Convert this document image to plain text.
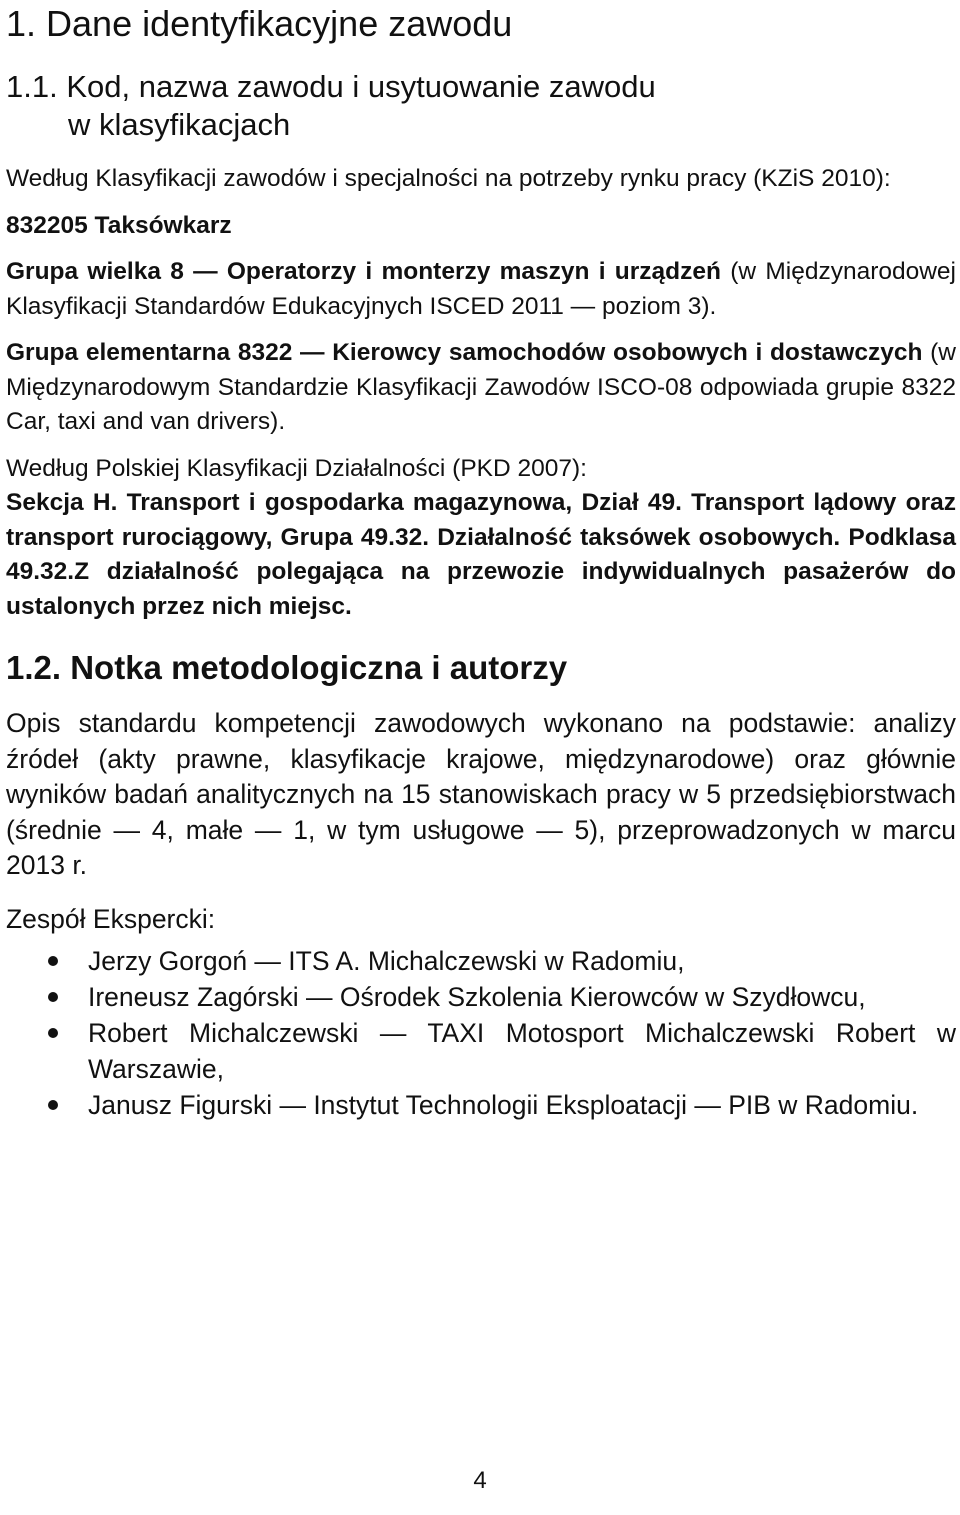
1. Dane identyfikacyjne zawodu
1.1. Kod, nazwa zawodu i usytuowanie zawodu
w klasyfikacjach

Według Klasyfikacji zawodów i specjalności na potrzeby rynku pracy (KZiS 2010):

832205 Taksówkarz

Grupa wielka 8 — Operatorzy i monterzy maszyn i urządzeń (w Międzynarodowej Klasyfikacji Standardów Edukacyjnych ISCED 2011 — poziom 3).

Grupa elementarna 8322 — Kierowcy samochodów osobowych i dostawczych (w Międzynarodowym Standardzie Klasyfikacji Zawodów ISCO-08 odpowiada grupie 8322 Car, taxi and van drivers).

Według Polskiej Klasyfikacji Działalności (PKD 2007):

Sekcja H. Transport i gospodarka magazynowa, Dział 49. Transport lądowy oraz transport rurociągowy, Grupa 49.32. Działalność taksówek osobowych. Podklasa 49.32.Z działalność polegająca na przewozie indywidualnych pasażerów do ustalonych przez nich miejsc.

1.2. Notka metodologiczna i autorzy

Opis standardu kompetencji zawodowych wykonano na podstawie: analizy źródeł (akty prawne, klasyfikacje krajowe, międzynarodowe) oraz głównie wyników badań analitycznych na 15 stanowiskach pracy w 5 przedsiębiorstwach (średnie — 4, małe — 1, w tym usługowe — 5), przeprowadzonych w marcu 2013 r.

Zespół Ekspercki:

Jerzy Gorgoń — ITS A. Michalczewski w Radomiu,
Ireneusz Zagórski — Ośrodek Szkolenia Kierowców w Szydłowcu,
Robert Michalczewski — TAXI Motosport Michalczewski Robert w Warszawie,
Janusz Figurski — Instytut Technologii Eksploatacji — PIB w Radomiu.
4
